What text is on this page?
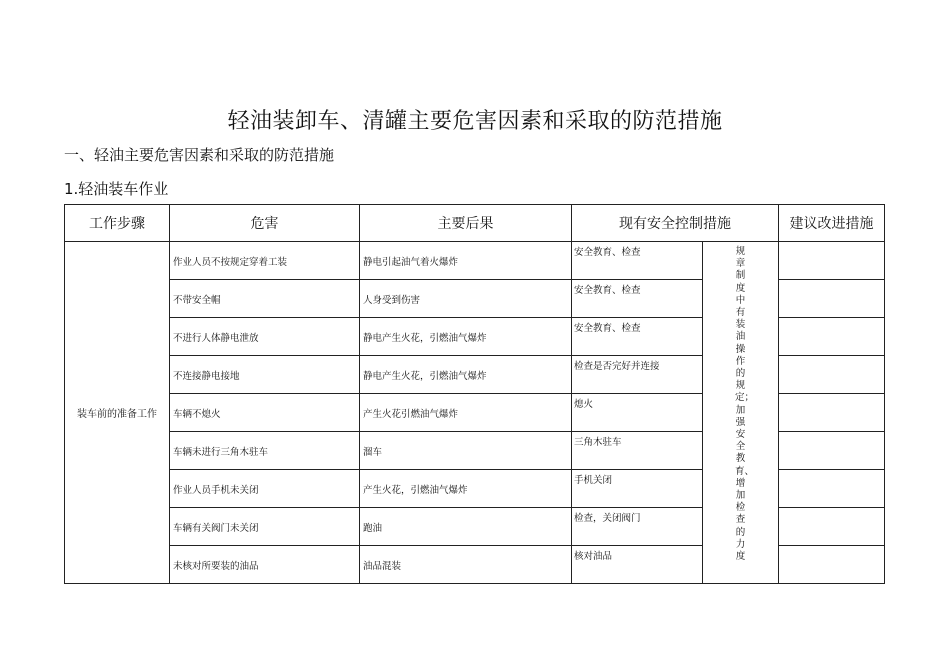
轻油装卸车、清罐主要危害因素和采取的防范措施
一、轻油主要危害因素和采取的防范措施
1.轻油装车作业
工作步骤	危害	主要后果	现有安全控制措施		建议改进措施
装车前的准备工作	作业人员不按规定穿着工装	静电引起油气着火爆炸	安全教育、检查	规章制度中有装油操作的规定；加强安全教育、增加检查的力度	
	不带安全帽	人身受到伤害	安全教育、检查		
	不进行人体静电泄放	静电产生火花，引燃油气爆炸	安全教育、检查		
	不连接静电接地	静电产生火花，引燃油气爆炸	检查是否完好并连接		
	车辆不熄火	产生火花引燃油气爆炸	熄火		
	车辆未进行三角木驻车	溜车	三角木驻车		
	作业人员手机未关闭	产生火花，引燃油气爆炸	手机关闭		
	车辆有关阀门未关闭	跑油	检查，关闭阀门		
	未核对所要装的油品	油品混装	核对油品		
